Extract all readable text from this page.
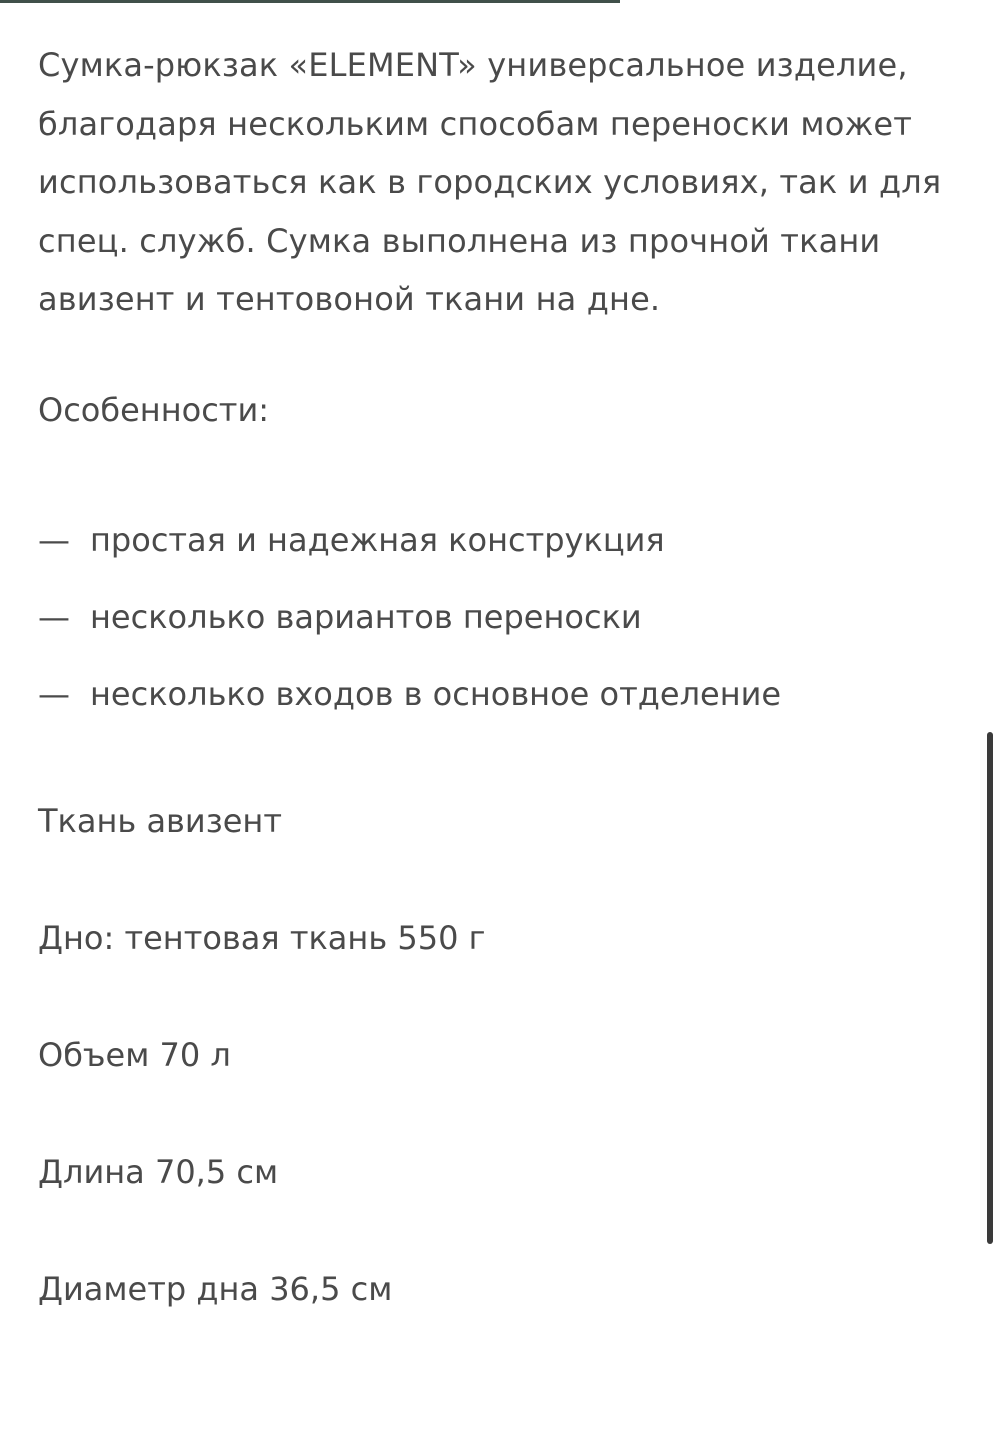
Сумка-рюкзак «ELEMENT» универсальное изделие, благодаря нескольким способам переноски может использоваться как в городских условиях, так и для спец. служб. Сумка выполнена из прочной ткани авизент и тентовоной ткани на дне.

Особенности:
— простая и надежная конструкция
— несколько вариантов переноски
— несколько входов в основное отделение
Ткань авизент
Дно: тентовая ткань 550 г
Объем 70 л
Длина 70,5 см
Диаметр дна 36,5 см
